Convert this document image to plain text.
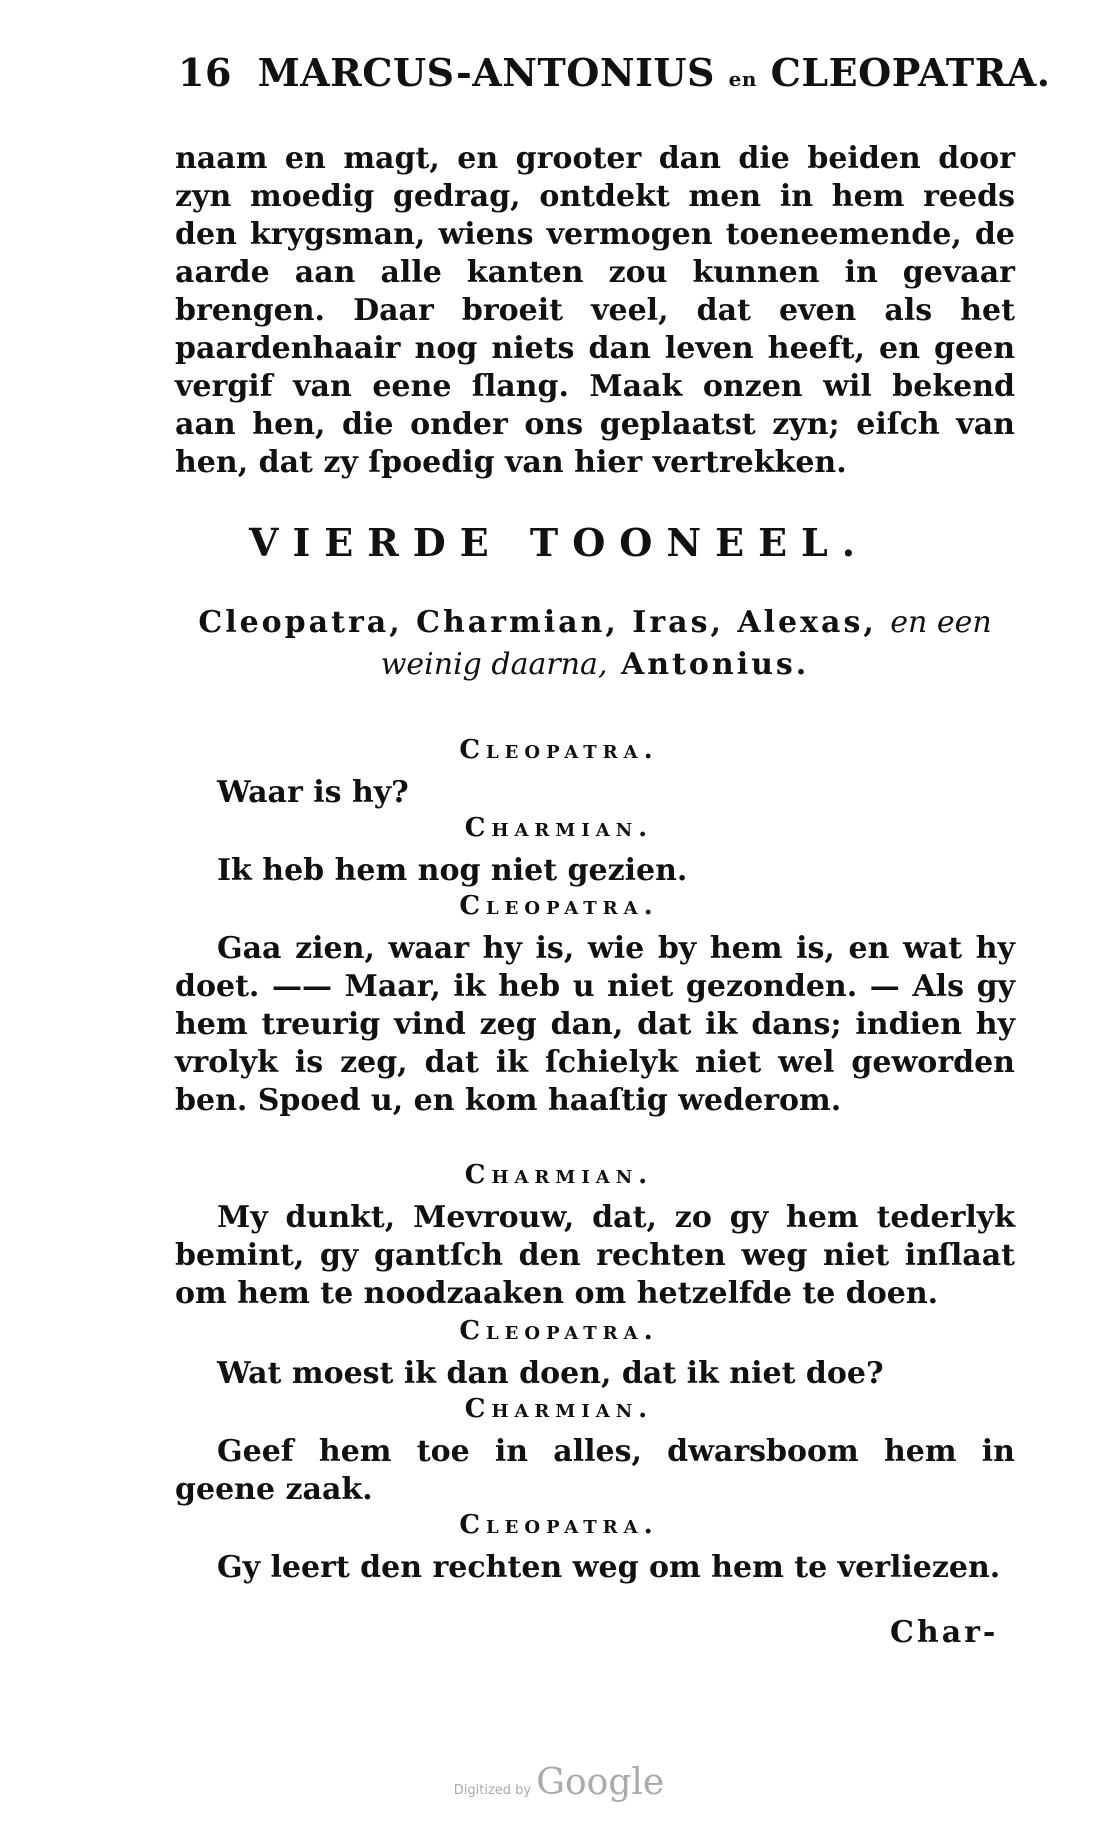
16 MARCUS-ANTONIUS en CLEOPATRA.
naam en magt, en grooter dan die beiden door zyn moedig gedrag, ontdekt men in hem reeds den krygsman, wiens vermogen toeneemende, de aarde aan alle kanten zou kunnen in gevaar brengen. Daar broeit veel, dat even als het paardenhaair nog niets dan leven heeft, en geen vergif van eene ſlang. Maak onzen wil bekend aan hen, die onder ons geplaatst zyn; eiſch van hen, dat zy ſpoedig van hier vertrekken.
VIERDE TOONEEL.
Cleopatra, Charmian, Iras, Alexas, en een weinig daarna, Antonius.
Cleopatra.
Waar is hy?
Charmian.
Ik heb hem nog niet gezien.
Cleopatra.
Gaa zien, waar hy is, wie by hem is, en wat hy doet. —— Maar, ik heb u niet gezonden. — Als gy hem treurig vind zeg dan, dat ik dans; indien hy vrolyk is zeg, dat ik ſchielyk niet wel geworden ben. Spoed u, en kom haaſtig wederom.
Charmian.
My dunkt, Mevrouw, dat, zo gy hem tederlyk bemint, gy gantſch den rechten weg niet inſlaat om hem te noodzaaken om hetzelfde te doen.
Cleopatra.
Wat moest ik dan doen, dat ik niet doe?
Charmian.
Geef hem toe in alles, dwarsboom hem in geene zaak.
Cleopatra.
Gy leert den rechten weg om hem te verliezen.
Char-
Digitized by Google
